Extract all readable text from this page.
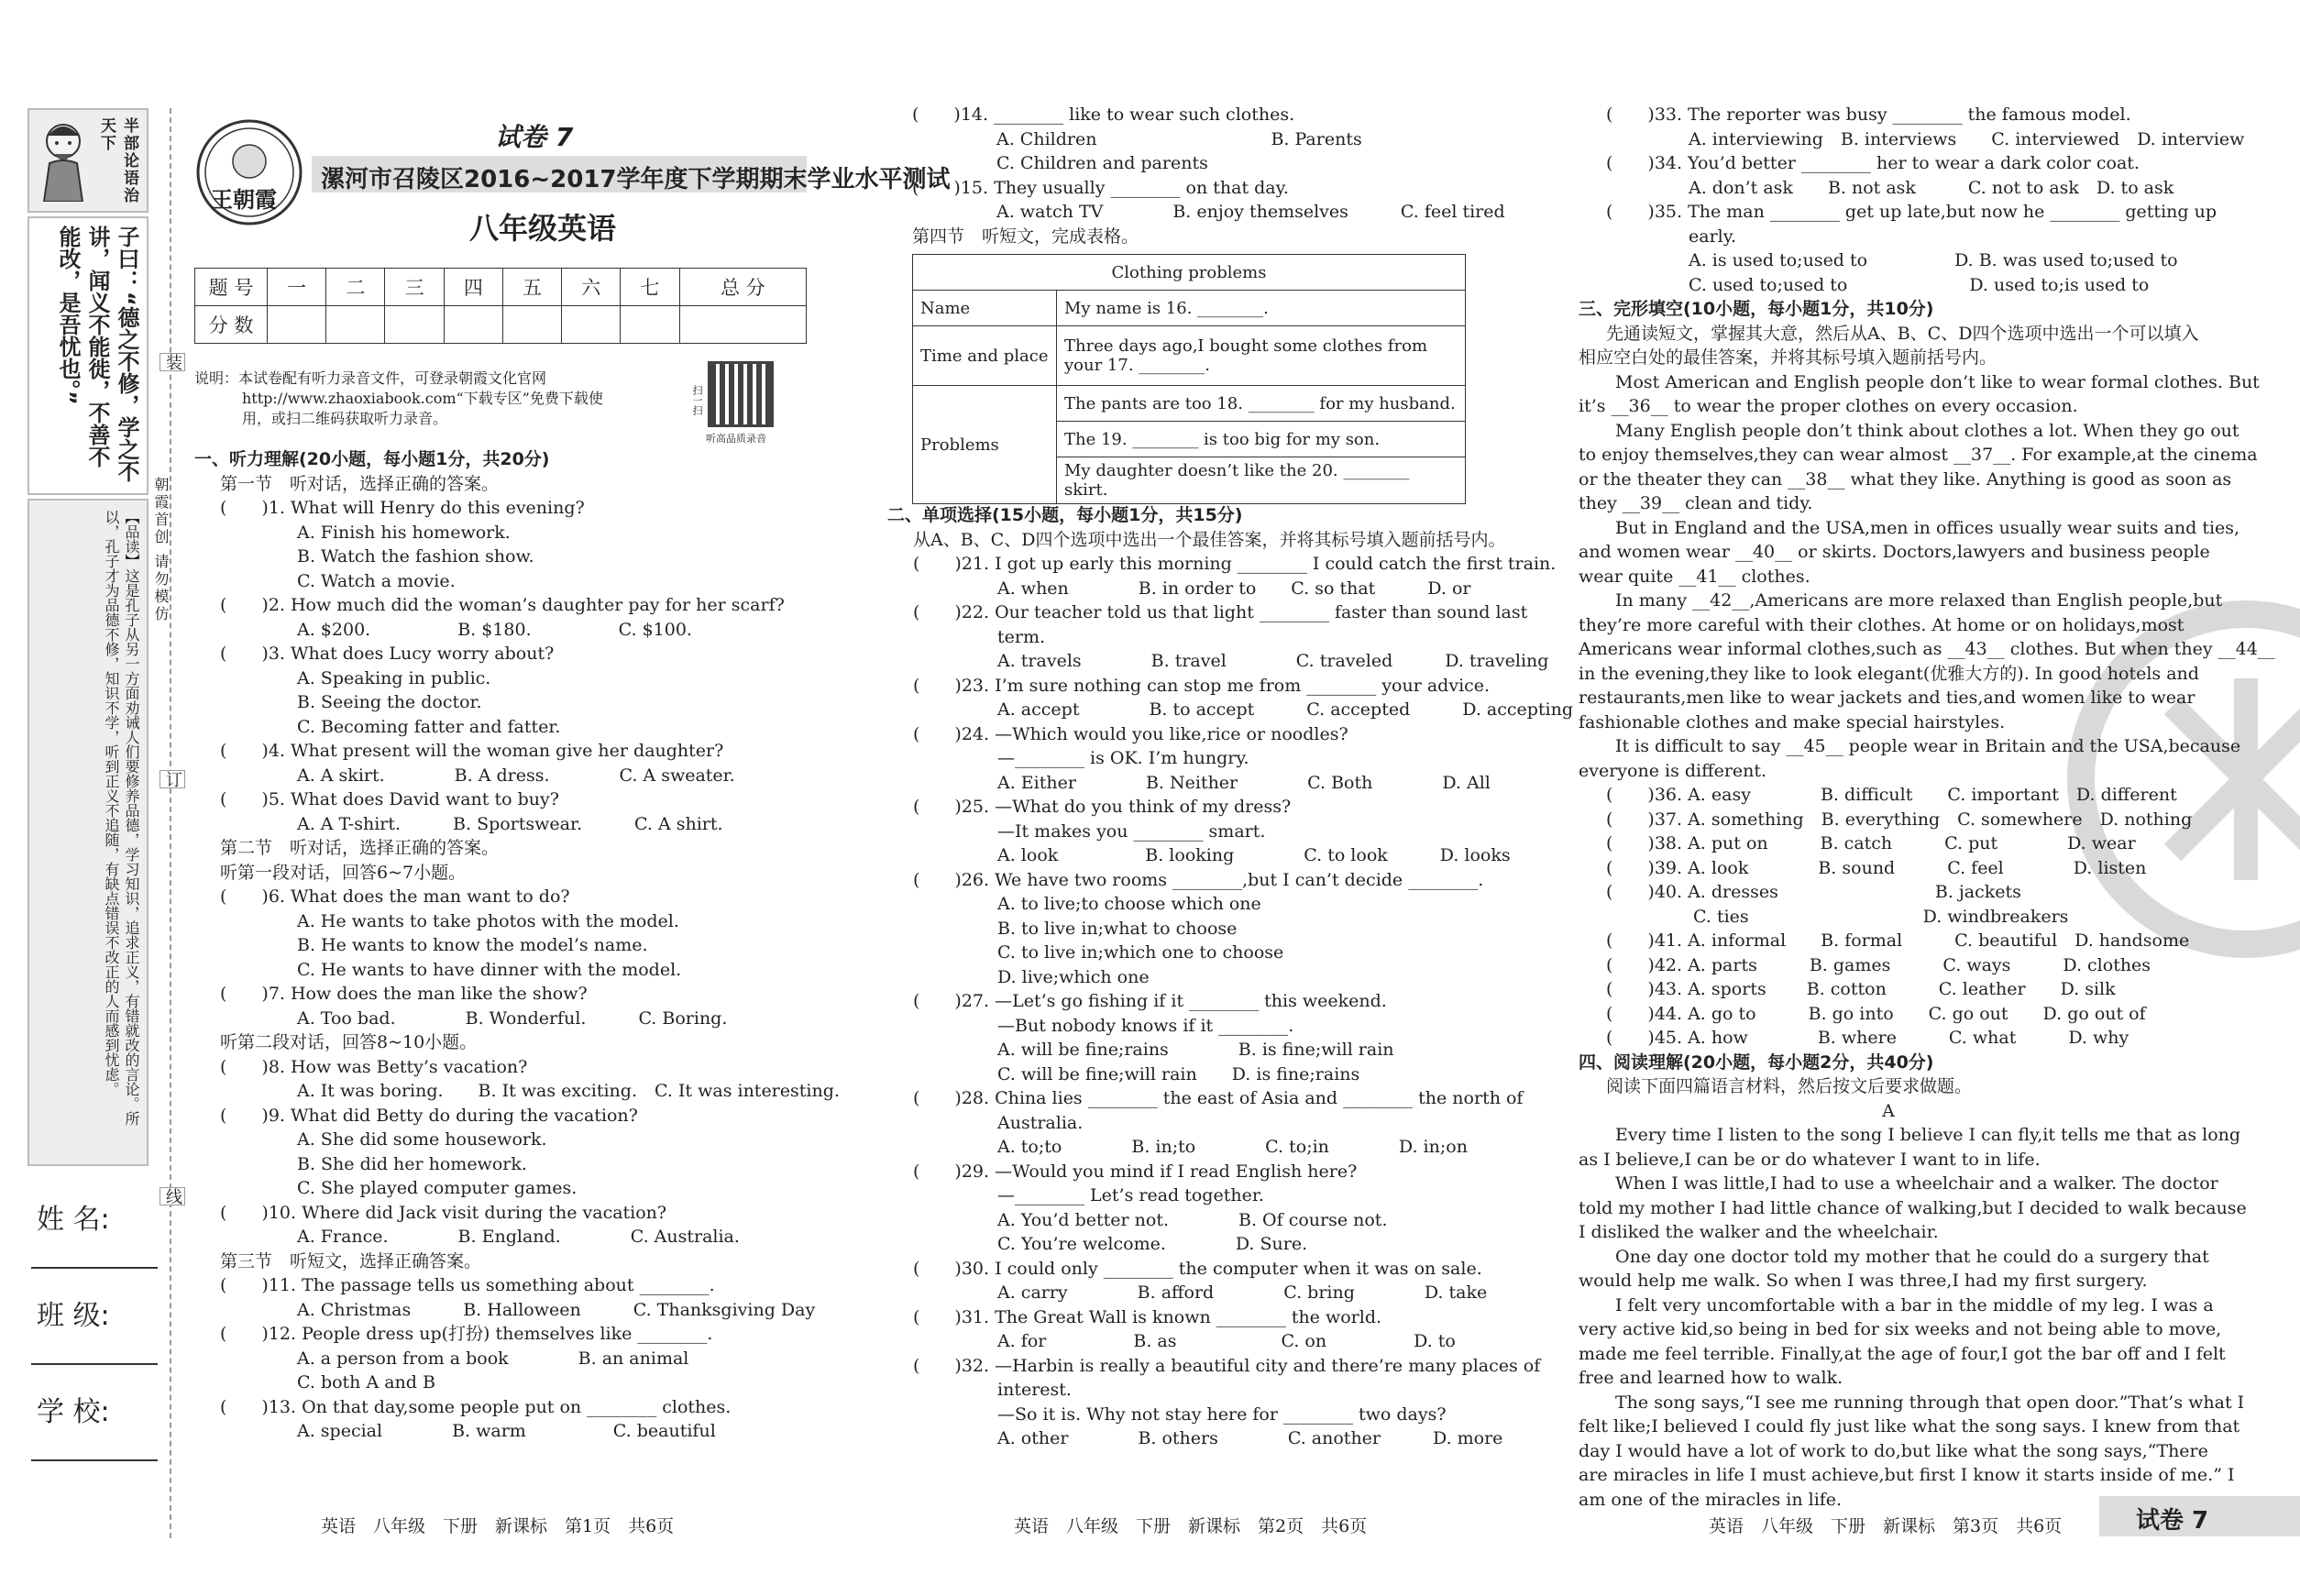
半部论语治天下
子曰：“德之不修，学之不讲，闻义不能徙，不善不能改，是吾忧也。”
【品读】这是孔子从另一方面劝诫人们要修养品德，学习知识，追求正义，有错就改的言论。所以，孔子才为品德不修，知识不学，听到正义不追随，有缺点错误不改正的人而感到忧虑。
装
订
线
朝霞首创 请勿模仿
姓 名:
班 级:
学 校:
王朝霞
试卷 7
漯河市召陵区2016~2017学年度下学期期末学业水平测试
八年级英语
题 号	一	二	三	四	五	六	七	总 分
分 数								
说明：本试卷配有听力录音文件，可登录朝霞文化官网
http://www.zhaoxiabook.com“下载专区”免费下载使
用，或扫二维码获取听力录音。
扫一扫
听高品质录音
一、听力理解(20小题，每小题1分，共20分)
第一节　听对话，选择正确的答案。
(　　)1. What will Henry do this evening?
A. Finish his homework.
B. Watch the fashion show.
C. Watch a movie.
(　　)2. How much did the woman’s daughter pay for her scarf?
A. $200.　　　　　B. $180.　　　　　C. $100.
(　　)3. What does Lucy worry about?
A. Speaking in public.
B. Seeing the doctor.
C. Becoming fatter and fatter.
(　　)4. What present will the woman give her daughter?
A. A skirt.　　　　B. A dress.　　　　C. A sweater.
(　　)5. What does David want to buy?
A. A T-shirt.　　　B. Sportswear.　　　C. A shirt.
第二节　听对话，选择正确的答案。
听第一段对话，回答6~7小题。
(　　)6. What does the man want to do?
A. He wants to take photos with the model.
B. He wants to know the model’s name.
C. He wants to have dinner with the model.
(　　)7. How does the man like the show?
A. Too bad.　　　　B. Wonderful.　　　C. Boring.
听第二段对话，回答8~10小题。
(　　)8. How was Betty’s vacation?
A. It was boring.　　B. It was exciting.　C. It was interesting.
(　　)9. What did Betty do during the vacation?
A. She did some housework.
B. She did her homework.
C. She played computer games.
(　　)10. Where did Jack visit during the vacation?
A. France.　　　　B. England.　　　　C. Australia.
第三节　听短文，选择正确答案。
(　　)11. The passage tells us something about ________.
A. Christmas　　　B. Halloween　　　C. Thanksgiving Day
(　　)12. People dress up(打扮) themselves like ________.
A. a person from a book　　　　B. an animal
C. both A and B
(　　)13. On that day,some people put on ________ clothes.
A. special　　　　B. warm　　　　　C. beautiful
(　　)14. ________ like to wear such clothes.
A. Children　　　　　　　　　　B. Parents
C. Children and parents
(　　)15. They usually ________ on that day.
A. watch TV　　　　B. enjoy themselves　　　C. feel tired
第四节　听短文，完成表格。
Clothing problems	
Name	My name is 16. ________.
Time and place	Three days ago,I bought some clothes from your 17. ________.
Problems	The pants are too 18. ________ for my husband.
	The 19. ________ is too big for my son.
	My daughter doesn’t like the 20. ________ skirt.
二、单项选择(15小题，每小题1分，共15分)
从A、B、C、D四个选项中选出一个最佳答案，并将其标号填入题前括号内。
(　　)21. I got up early this morning ________ I could catch the first train.
A. when　　　　B. in order to　　C. so that　　　D. or
(　　)22. Our teacher told us that light ________ faster than sound last
term.
A. travels　　　　B. travel　　　　C. traveled　　　D. traveling
(　　)23. I’m sure nothing can stop me from ________ your advice.
A. accept　　　　B. to accept　　　C. accepted　　　D. accepting
(　　)24. —Which would you like,rice or noodles?
—________ is OK. I’m hungry.
A. Either　　　　B. Neither　　　　C. Both　　　　D. All
(　　)25. —What do you think of my dress?
—It makes you ________ smart.
A. look　　　　　B. looking　　　　C. to look　　　D. looks
(　　)26. We have two rooms ________,but I can’t decide ________.
A. to live;to choose which one
B. to live in;what to choose
C. to live in;which one to choose
D. live;which one
(　　)27. —Let’s go fishing if it ________ this weekend.
—But nobody knows if it ________.
A. will be fine;rains　　　　B. is fine;will rain
C. will be fine;will rain　　D. is fine;rains
(　　)28. China lies ________ the east of Asia and ________ the north of
Australia.
A. to;to　　　　B. in;to　　　　C. to;in　　　　D. in;on
(　　)29. —Would you mind if I read English here?
—________ Let’s read together.
A. You’d better not.　　　　B. Of course not.
C. You’re welcome.　　　　D. Sure.
(　　)30. I could only ________ the computer when it was on sale.
A. carry　　　　B. afford　　　　C. bring　　　　D. take
(　　)31. The Great Wall is known ________ the world.
A. for　　　　　B. as　　　　　　C. on　　　　　D. to
(　　)32. —Harbin is really a beautiful city and there’re many places of
interest.
—So it is. Why not stay here for ________ two days?
A. other　　　　B. others　　　　C. another　　　D. more
(　　)33. The reporter was busy ________ the famous model.
A. interviewing　B. interviews　　C. interviewed　D. interview
(　　)34. You’d better ________ her to wear a dark color coat.
A. don’t ask　　B. not ask　　　C. not to ask　D. to ask
(　　)35. The man ________ get up late,but now he ________ getting up
early.
A. is used to;used to　　　　　D. B. was used to;used to
C. used to;used to　　　　　　　D. used to;is used to
三、完形填空(10小题，每小题1分，共10分)
先通读短文，掌握其大意，然后从A、B、C、D四个选项中选出一个可以填入
相应空白处的最佳答案，并将其标号填入题前括号内。
Most American and English people don’t like to wear formal clothes. But
it’s __36__ to wear the proper clothes on every occasion.
Many English people don’t think about clothes a lot. When they go out
to enjoy themselves,they can wear almost __37__. For example,at the cinema
or the theater they can __38__ what they like. Anything is good as soon as
they __39__ clean and tidy.
But in England and the USA,men in offices usually wear suits and ties,
and women wear __40__ or skirts. Doctors,lawyers and business people
wear quite __41__ clothes.
In many __42__,Americans are more relaxed than English people,but
they’re more careful with their clothes. At home or on holidays,most
Americans wear informal clothes,such as __43__ clothes. But when they __44__
in the evening,they like to look elegant(优雅大方的). In good hotels and
restaurants,men like to wear jackets and ties,and women like to wear
fashionable clothes and make special hairstyles.
It is difficult to say __45__ people wear in Britain and the USA,because
everyone is different.
(　　)36. A. easy　　　　B. difficult　　C. important　D. different
(　　)37. A. something　B. everything　C. somewhere　D. nothing
(　　)38. A. put on　　　B. catch　　　C. put　　　　D. wear
(　　)39. A. look　　　　B. sound　　　C. feel　　　　D. listen
(　　)40. A. dresses　　　　　　　　　B. jackets
　　　　　C. ties　　　　　　　　　　D. windbreakers
(　　)41. A. informal　　B. formal　　　C. beautiful　D. handsome
(　　)42. A. parts　　　B. games　　　C. ways　　　D. clothes
(　　)43. A. sports　　 B. cotton　　　C. leather　　D. silk
(　　)44. A. go to　　　B. go into　　C. go out　　D. go out of
(　　)45. A. how　　　　B. where　　　C. what　　　D. why
四、阅读理解(20小题，每小题2分，共40分)
阅读下面四篇语言材料，然后按文后要求做题。
A
Every time I listen to the song I believe I can fly,it tells me that as long
as I believe,I can be or do whatever I want to in life.
When I was little,I had to use a wheelchair and a walker. The doctor
told my mother I had little chance of walking,but I decided to walk because
I disliked the walker and the wheelchair.
One day one doctor told my mother that he could do a surgery that
would help me walk. So when I was three,I had my first surgery.
I felt very uncomfortable with a bar in the middle of my leg. I was a
very active kid,so being in bed for six weeks and not being able to move,
made me feel terrible. Finally,at the age of four,I got the bar off and I felt
free and learned how to walk.
The song says,“I see me running through that open door.”That’s what I
felt like;I believed I could fly just like what the song says. I knew from that
day I would have a lot of work to do,but like what the song says,“There
are miracles in life I must achieve,but first I know it starts inside of me.” I
am one of the miracles in life.
英语　八年级　下册　新课标　第1页　共6页	英语　八年级　下册　新课标　第2页　共6页	英语　八年级　下册　新课标　第3页　共6页	试卷 7
